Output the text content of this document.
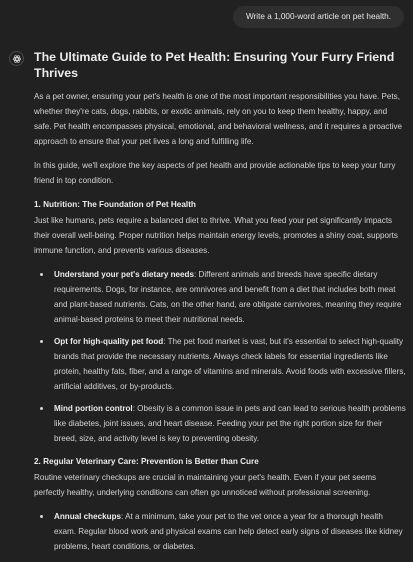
Write a 1,000-word article on pet health.
The Ultimate Guide to Pet Health: Ensuring Your Furry Friend Thrives

As a pet owner, ensuring your pet's health is one of the most important responsibilities you have. Pets, whether they're cats, dogs, rabbits, or exotic animals, rely on you to keep them healthy, happy, and safe. Pet health encompasses physical, emotional, and behavioral wellness, and it requires a proactive approach to ensure that your pet lives a long and fulfilling life.

In this guide, we'll explore the key aspects of pet health and provide actionable tips to keep your furry friend in top condition.

1. Nutrition: The Foundation of Pet Health

Just like humans, pets require a balanced diet to thrive. What you feed your pet significantly impacts their overall well-being. Proper nutrition helps maintain energy levels, promotes a shiny coat, supports immune function, and prevents various diseases.

• Understand your pet's dietary needs: Different animals and breeds have specific dietary requirements. Dogs, for instance, are omnivores and benefit from a diet that includes both meat and plant-based nutrients. Cats, on the other hand, are obligate carnivores, meaning they require animal-based proteins to meet their nutritional needs.
• Opt for high-quality pet food: The pet food market is vast, but it's essential to select high-quality brands that provide the necessary nutrients. Always check labels for essential ingredients like protein, healthy fats, fiber, and a range of vitamins and minerals. Avoid foods with excessive fillers, artificial additives, or by-products.
• Mind portion control: Obesity is a common issue in pets and can lead to serious health problems like diabetes, joint issues, and heart disease. Feeding your pet the right portion size for their breed, size, and activity level is key to preventing obesity.
2. Regular Veterinary Care: Prevention is Better than Cure

Routine veterinary checkups are crucial in maintaining your pet's health. Even if your pet seems perfectly healthy, underlying conditions can often go unnoticed without professional screening.

• Annual checkups: At a minimum, take your pet to the vet once a year for a thorough health exam. Regular blood work and physical exams can help detect early signs of diseases like kidney problems, heart conditions, or diabetes.
